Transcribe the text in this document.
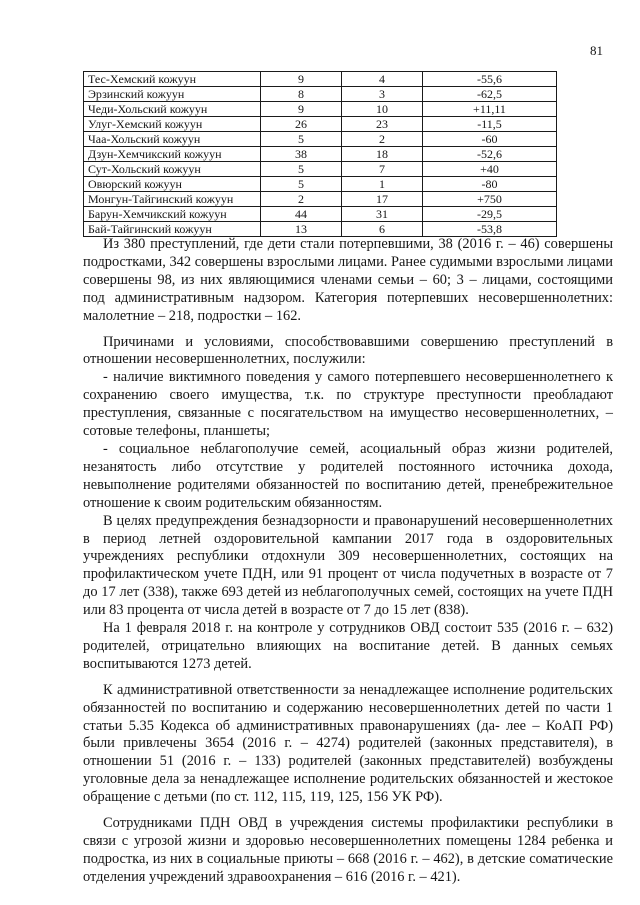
81
Тес-Хемский кожуун	9	4	-55,6
Эрзинский кожуун	8	3	-62,5
Чеди-Хольский кожуун	9	10	+11,11
Улуг-Хемский кожуун	26	23	-11,5
Чаа-Хольский кожуун	5	2	-60
Дзун-Хемчикский кожуун	38	18	-52,6
Сут-Хольский кожуун	5	7	+40
Овюрский кожуун	5	1	-80
Монгун-Тайгинский кожуун	2	17	+750
Барун-Хемчикский кожуун	44	31	-29,5
Бай-Тайгинский кожуун	13	6	-53,8

Из 380 преступлений, где дети стали потерпевшими, 38 (2016 г. – 46) совершены подростками, 342 совершены взрослыми лицами. Ранее судимыми взрослыми лицами совершены 98, из них являющимися членами семьи – 60; 3 – лицами, состоящими под административным надзором. Категория потерпевших несовершеннолетних: малолетние – 218, подростки – 162.

Причинами и условиями, способствовавшими совершению преступлений в отношении несовершеннолетних, послужили:

- наличие виктимного поведения у самого потерпевшего несовершеннолетнего к сохранению своего имущества, т.к. по структуре преступности преобладают преступления, связанные с посягательством на имущество несовершеннолетних, – сотовые телефоны, планшеты;

- социальное неблагополучие семей, асоциальный образ жизни родителей, незанятость либо отсутствие у родителей постоянного источника дохода, невыполнение родителями обязанностей по воспитанию детей, пренебрежительное отношение к своим родительским обязанностям.

В целях предупреждения безнадзорности и правонарушений несовершеннолетних в период летней оздоровительной кампании 2017 года в оздоровительных учреждениях республики отдохнули 309 несовершеннолетних, состоящих на профилактическом учете ПДН, или 91 процент от числа подучетных в возрасте от 7 до 17 лет (338), также 693 детей из неблагополучных семей, состоящих на учете ПДН или 83 процента от числа детей в возрасте от 7 до 15 лет (838).

На 1 февраля 2018 г. на контроле у сотрудников ОВД состоит 535 (2016 г. – 632) родителей, отрицательно влияющих на воспитание детей. В данных семьях воспитываются 1273 детей.

К административной ответственности за ненадлежащее исполнение родительских обязанностей по воспитанию и содержанию несовершеннолетних детей по части 1 статьи 5.35 Кодекса об административных правонарушениях (да- лее – КоАП РФ) были привлечены 3654 (2016 г. – 4274) родителей (законных представителя), в отношении 51 (2016 г. – 133) родителей (законных представителей) возбуждены уголовные дела за ненадлежащее исполнение родительских обязанностей и жестокое обращение с детьми (по ст. 112, 115, 119, 125, 156 УК РФ).

Сотрудниками ПДН ОВД в учреждения системы профилактики республики в связи с угрозой жизни и здоровью несовершеннолетних помещены 1284 ребенка и подростка, из них в социальные приюты – 668 (2016 г. – 462), в детские соматические отделения учреждений здравоохранения – 616 (2016 г. – 421).
